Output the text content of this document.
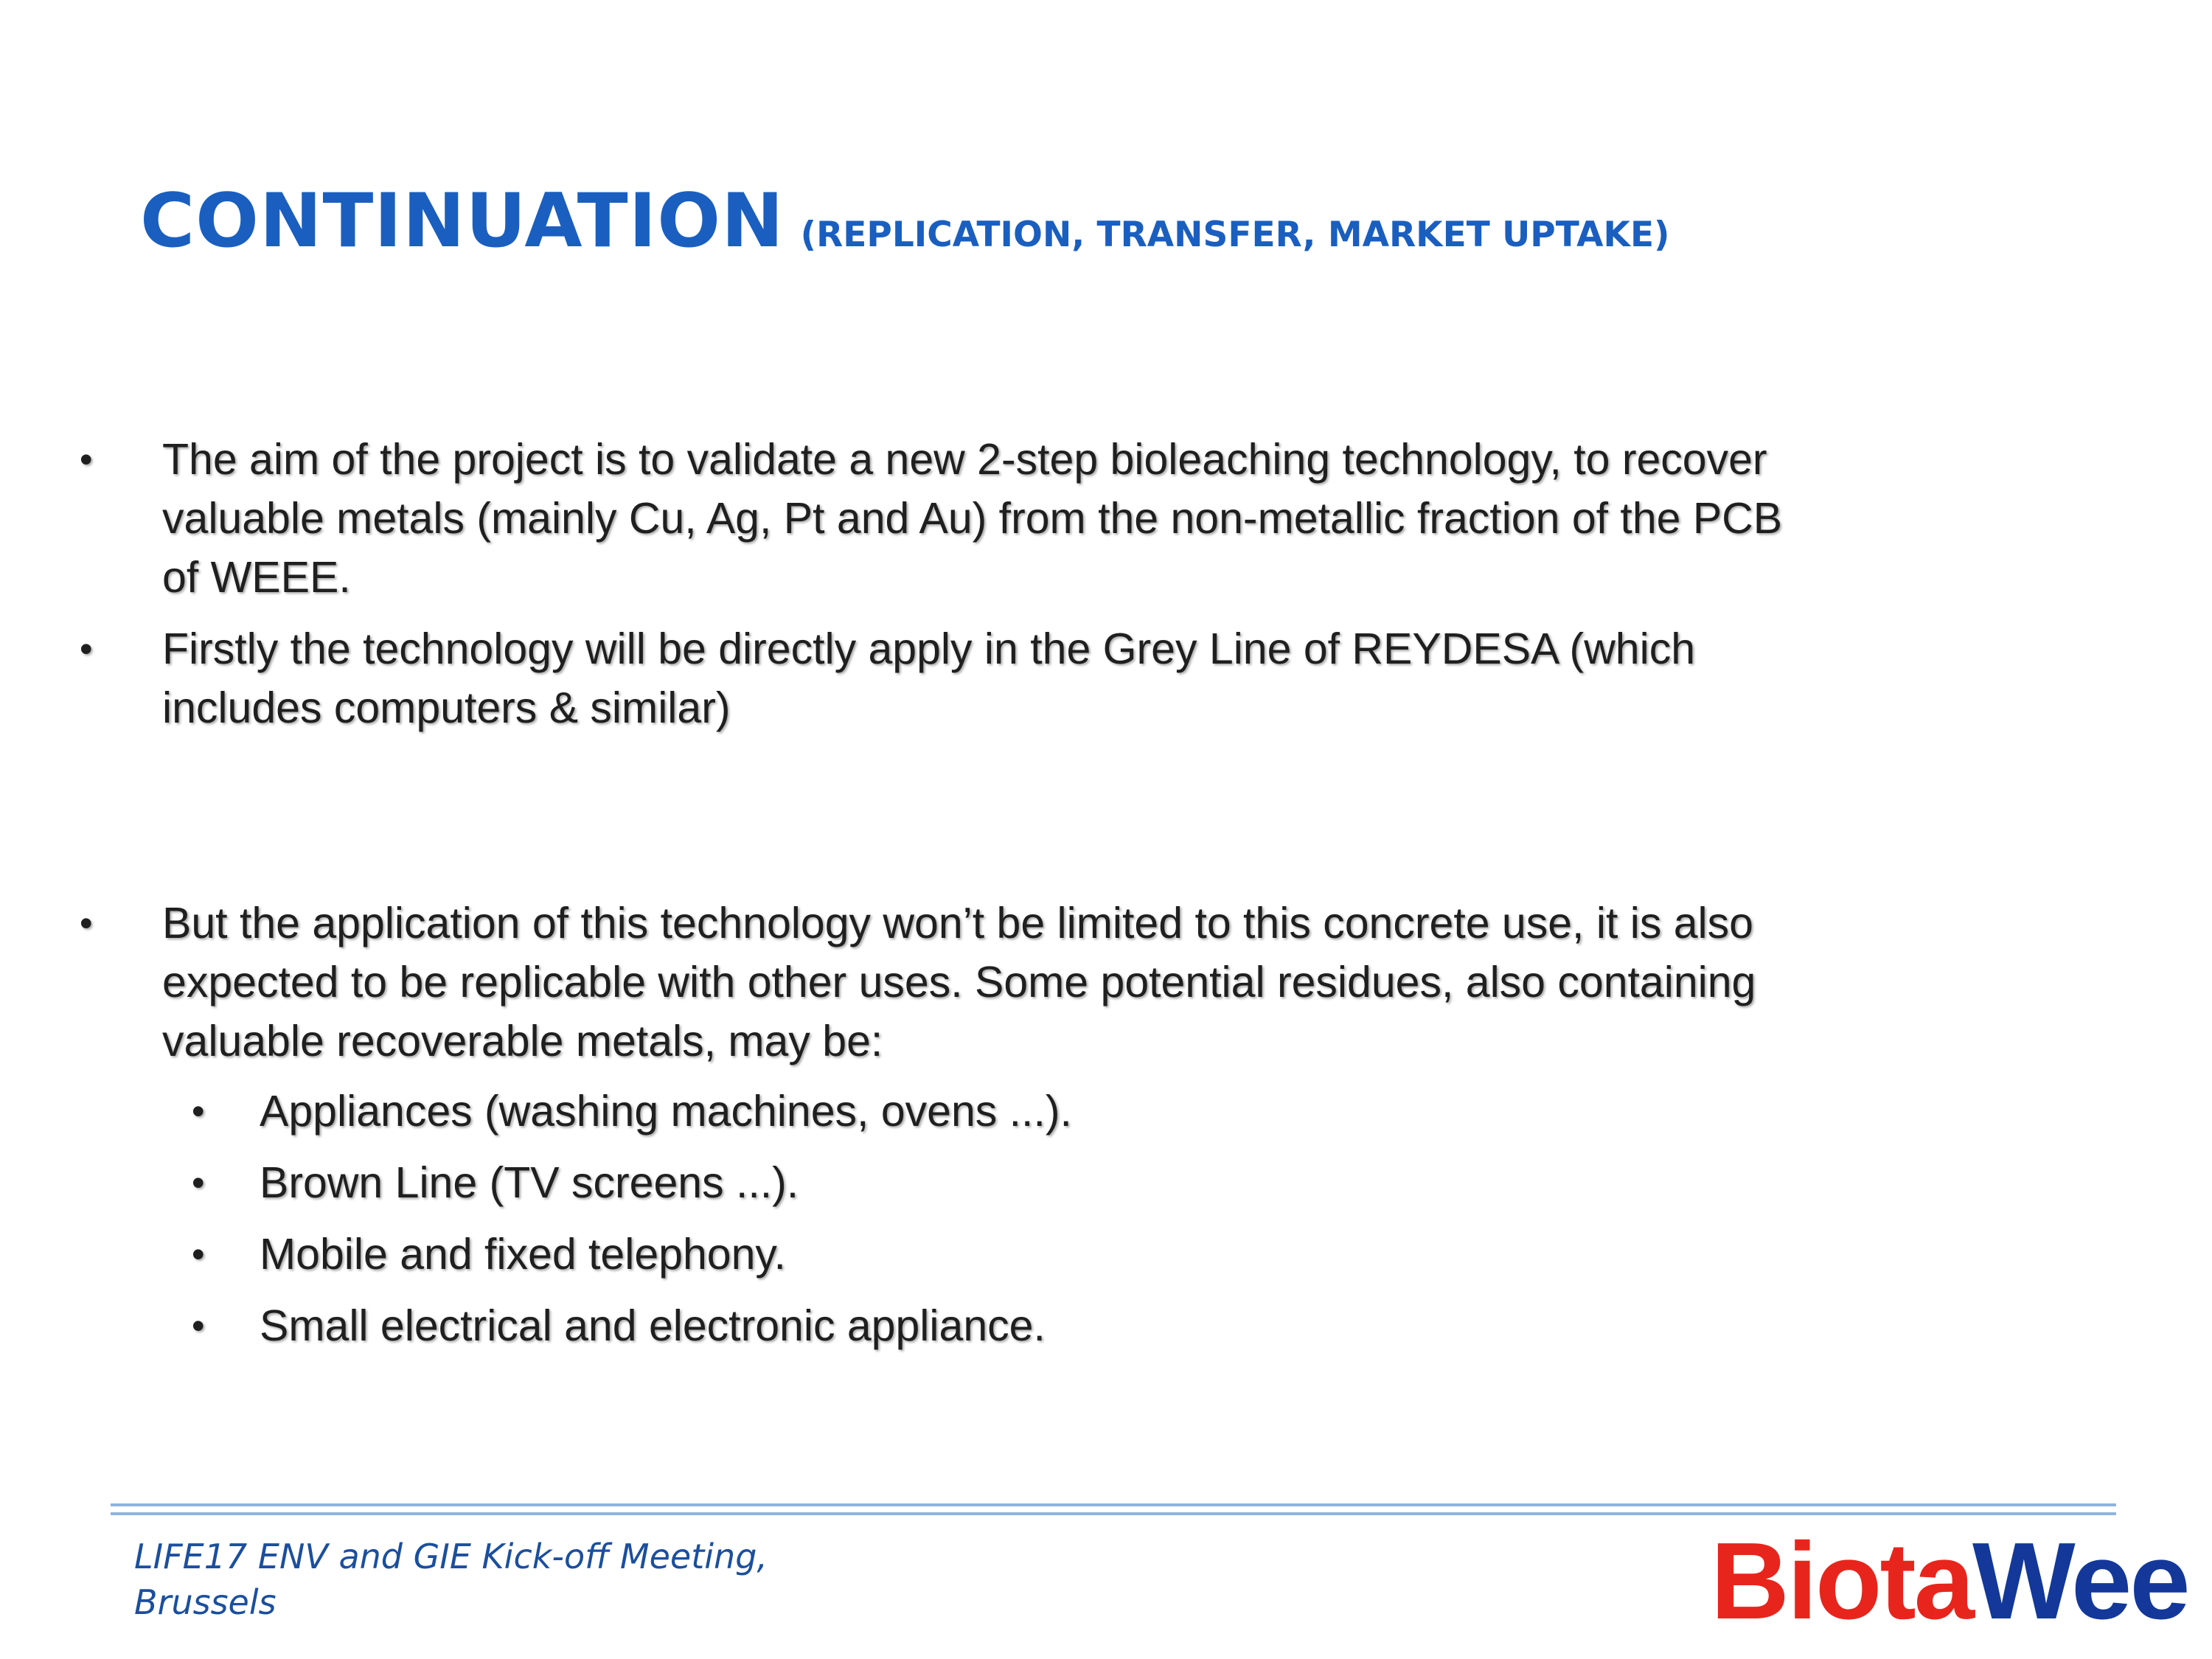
CONTINUATION (REPLICATION, TRANSFER, MARKET UPTAKE)
• The aim of the project is to validate a new 2-step bioleaching technology, to recover
valuable metals (mainly Cu, Ag, Pt and Au) from the non-metallic fraction of the PCB
of WEEE.
• Firstly the technology will be directly apply in the Grey Line of REYDESA (which
includes computers & similar)
• But the application of this technology won’t be limited to this concrete use, it is also
expected to be replicable with other uses. Some potential residues, also containing
valuable recoverable metals, may be:
• Appliances (washing machines, ovens ...).
• Brown Line (TV screens ...).
• Mobile and fixed telephony.
• Small electrical and electronic appliance.
LIFE17 ENV and GIE Kick-off Meeting,
Brussels	BiotaWee
